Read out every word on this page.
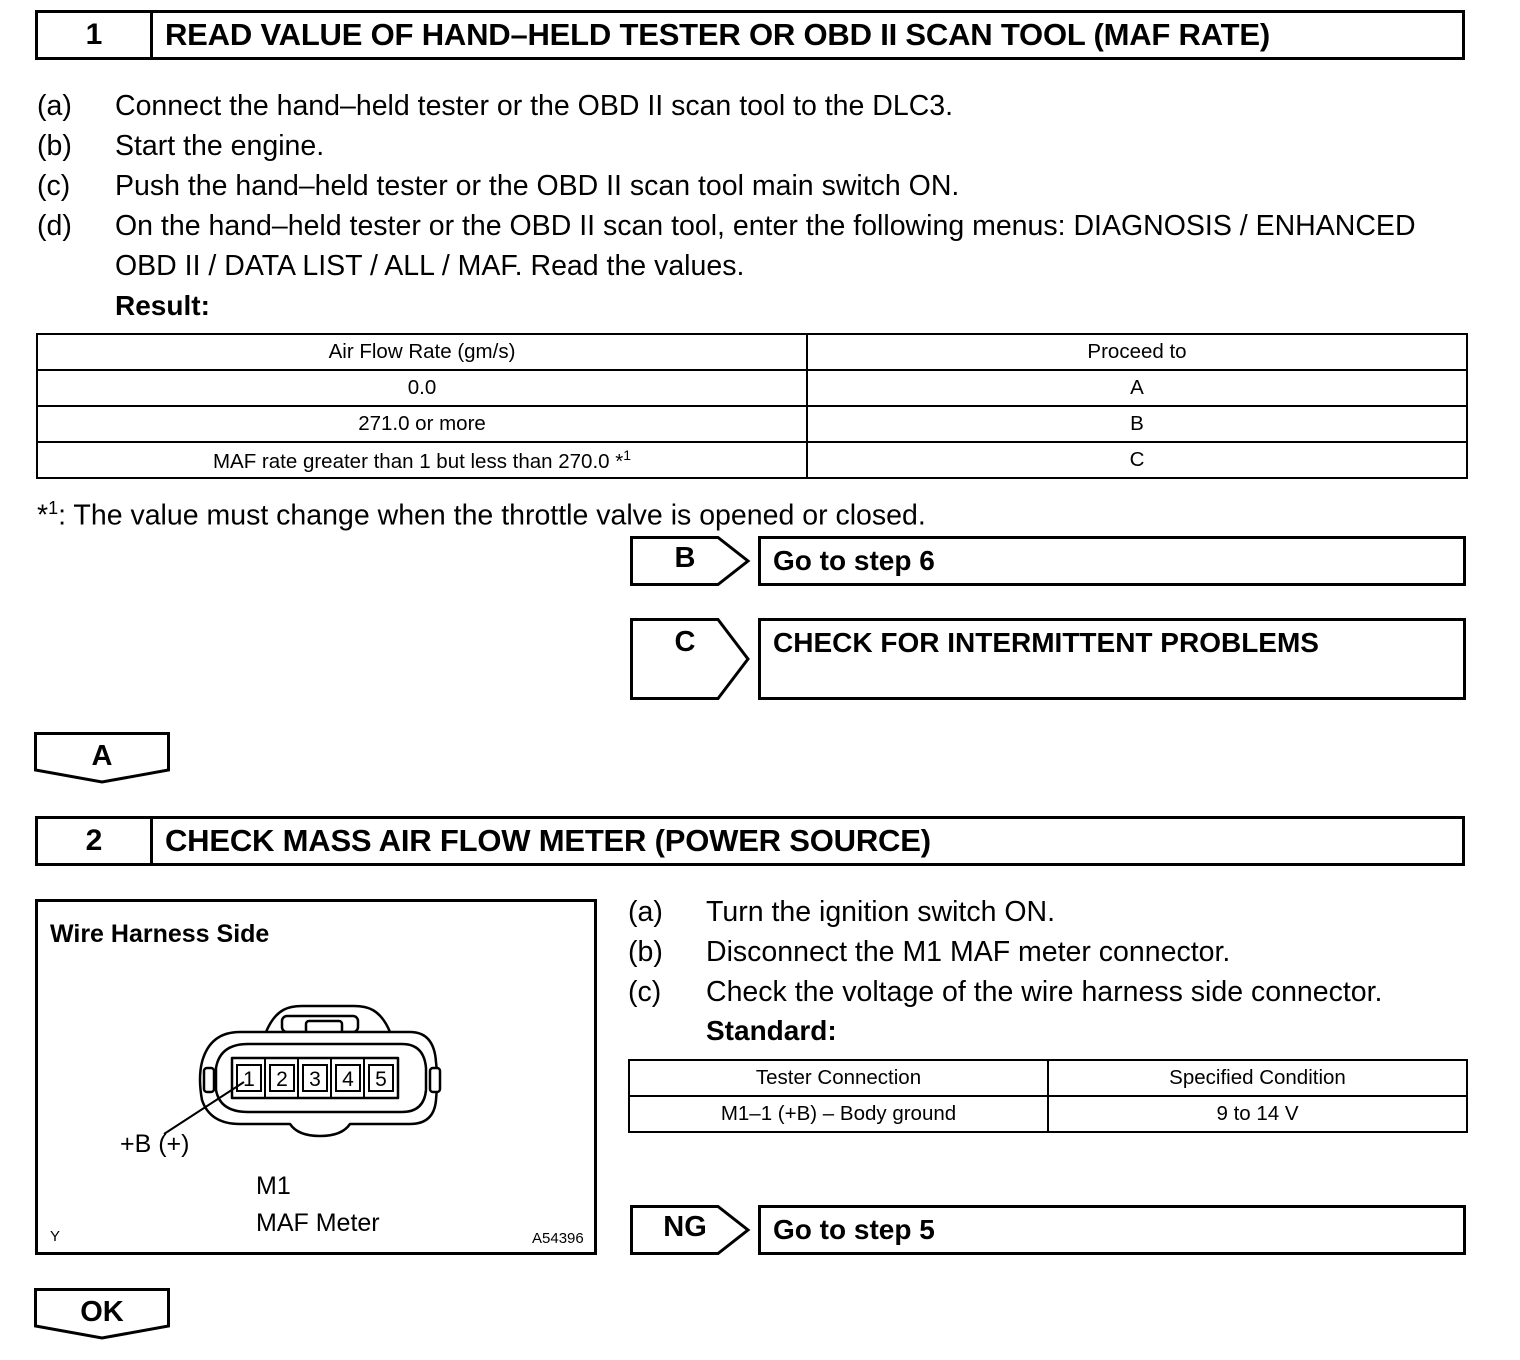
1	READ VALUE OF HAND–HELD TESTER OR OBD II SCAN TOOL (MAF RATE)
(a) Connect the hand–held tester or the OBD II scan tool to the DLC3.
(b) Start the engine.
(c) Push the hand–held tester or the OBD II scan tool main switch ON.
(d) On the hand–held tester or the OBD II scan tool, enter the following menus: DIAGNOSIS / ENHANCED
OBD II / DATA LIST / ALL / MAF. Read the values.
Result:
Air Flow Rate (gm/s)	Proceed to
0.0	A
271.0 or more	B
MAF rate greater than 1 but less than 270.0 *$^1$	C
*$^1$: The value must change when the throttle valve is opened or closed.
B	Go to step 6
C	CHECK FOR INTERMITTENT PROBLEMS
A
2	CHECK MASS AIR FLOW METER (POWER SOURCE)
Wire Harness Side
1 2 3 4 5
+B (+)
M1
MAF Meter
Y	A54396
(a) Turn the ignition switch ON.
(b) Disconnect the M1 MAF meter connector.
(c) Check the voltage of the wire harness side connector.
Standard:
Tester Connection	Specified Condition
M1–1 (+B) – Body ground	9 to 14 V
NG	Go to step 5
OK
